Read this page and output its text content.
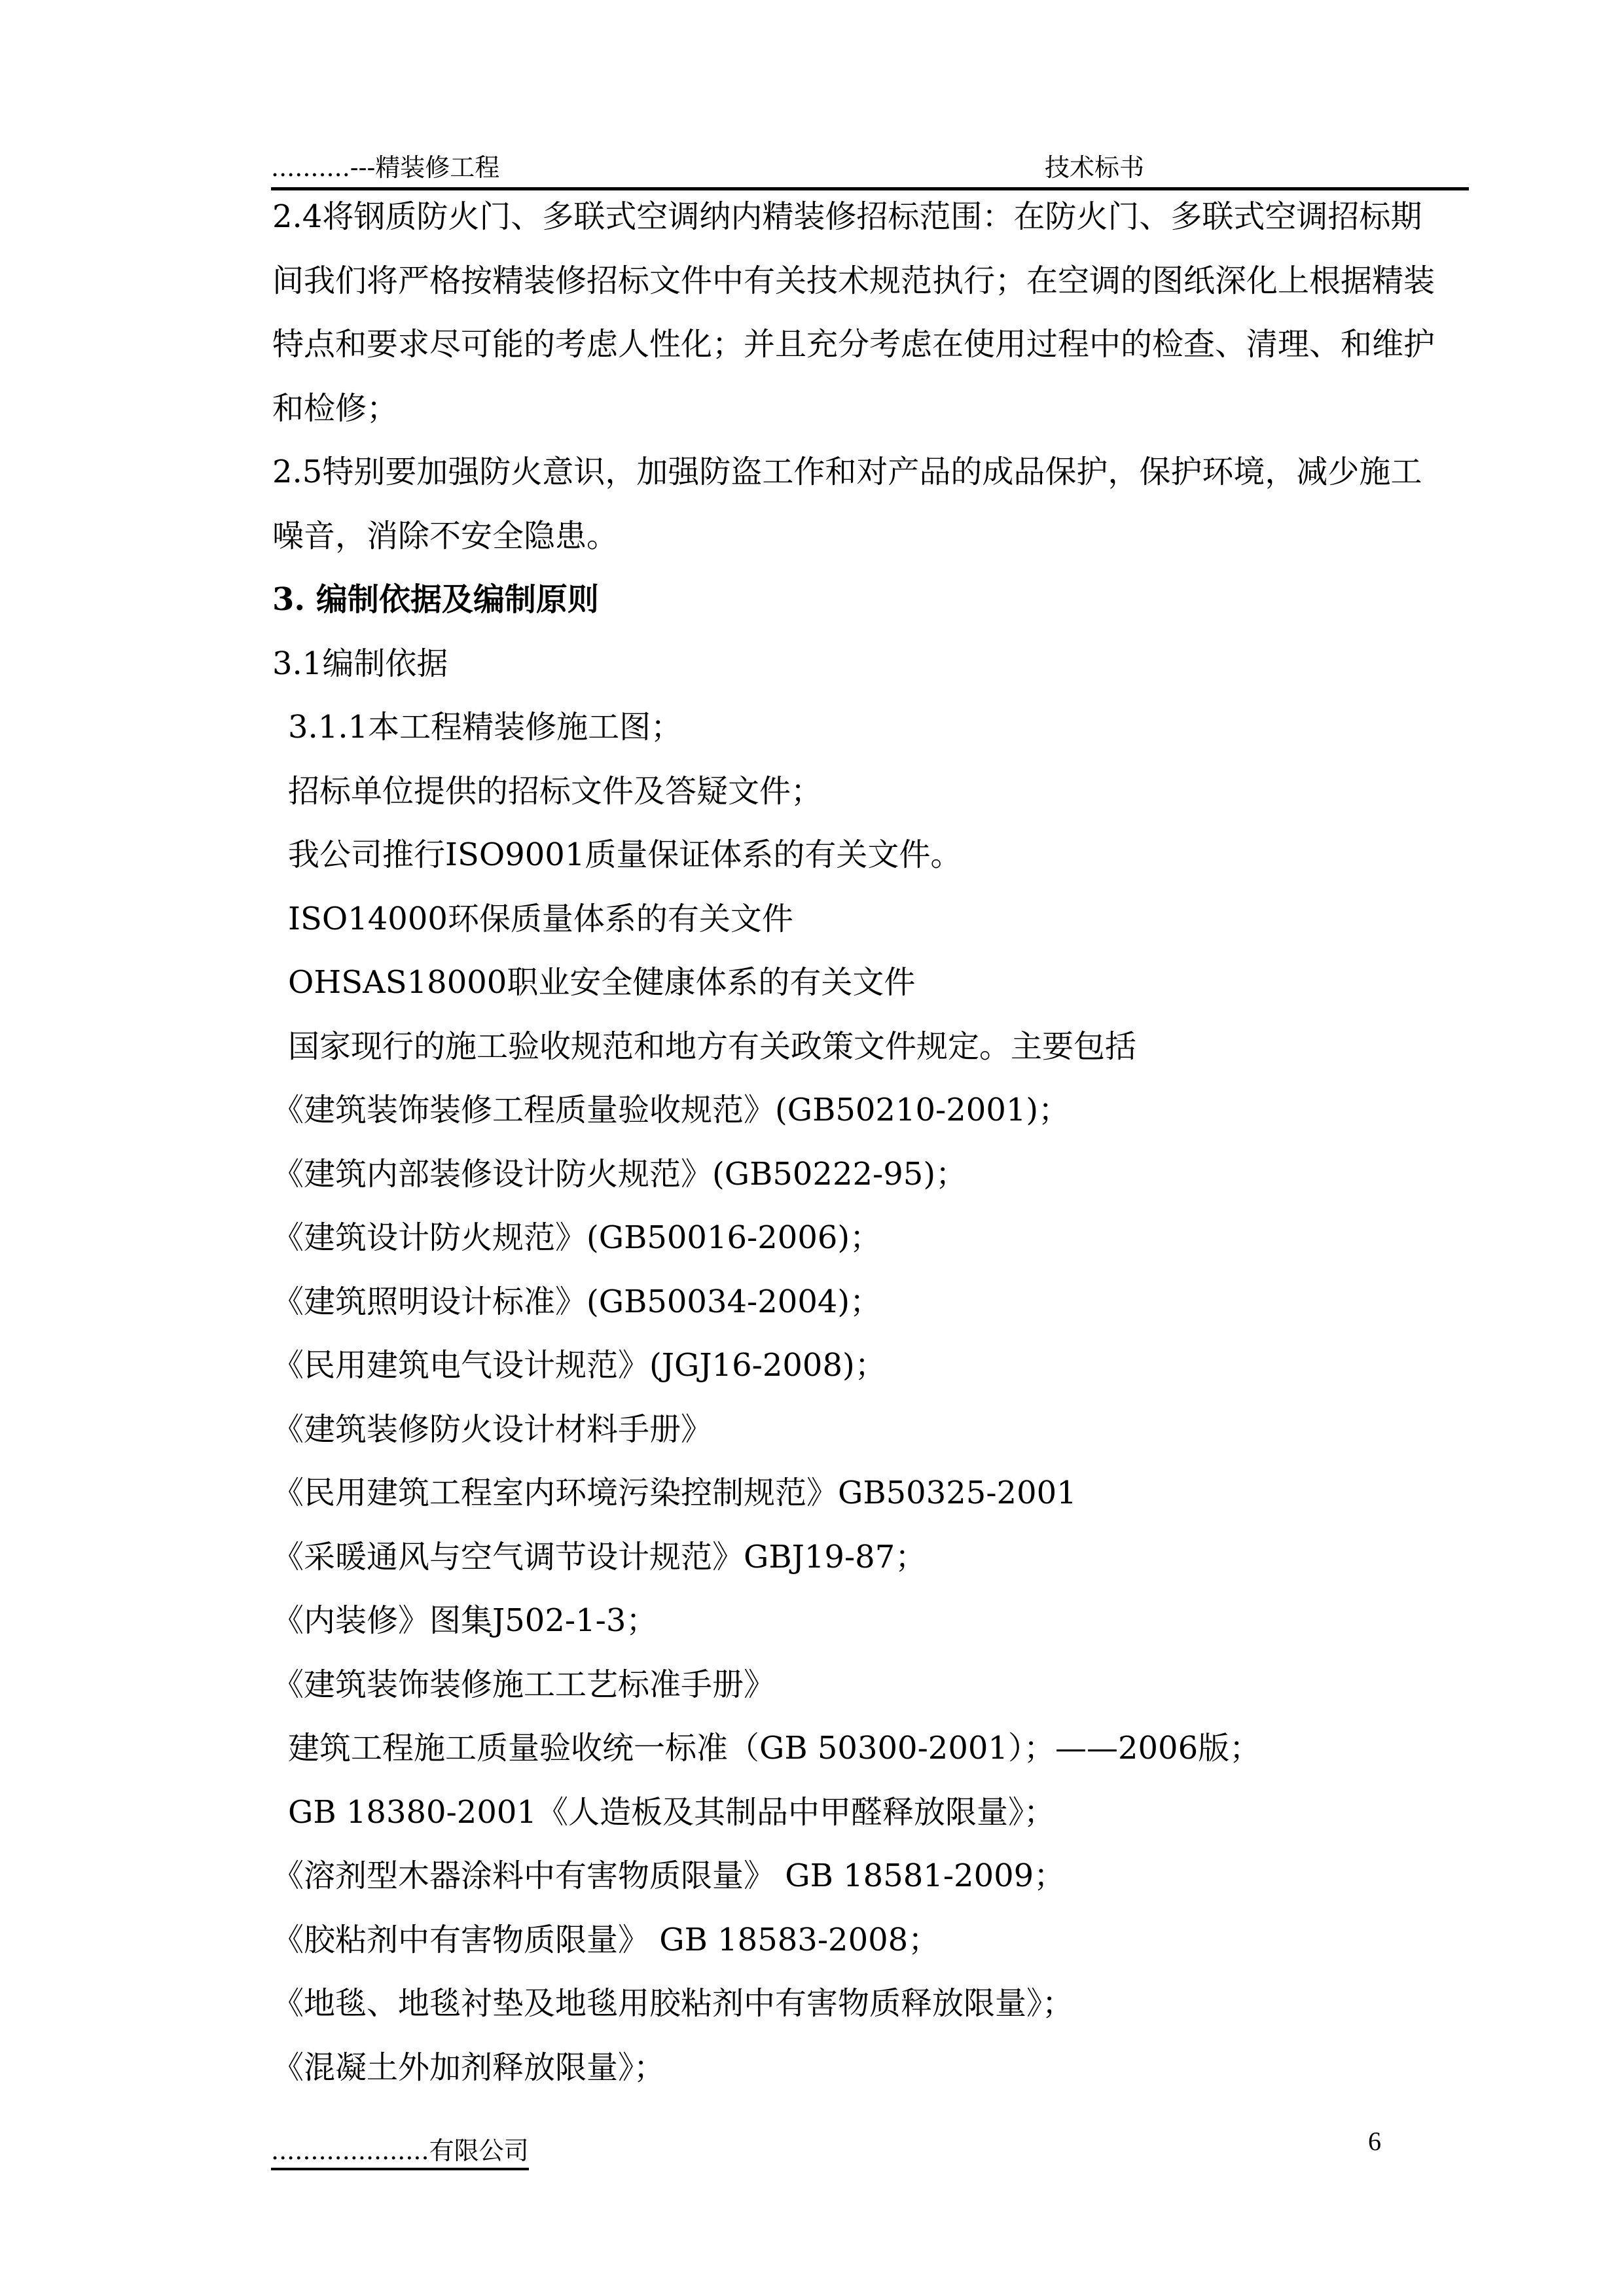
..........---精装修工程	技术标书
2.4将钢质防火门、多联式空调纳内精装修招标范围：在防火门、多联式空调招标期
间我们将严格按精装修招标文件中有关技术规范执行；在空调的图纸深化上根据精装
特点和要求尽可能的考虑人性化；并且充分考虑在使用过程中的检查、清理、和维护
和检修；
2.5特别要加强防火意识，加强防盗工作和对产品的成品保护，保护环境，减少施工
噪音，消除不安全隐患。
3. 编制依据及编制原则
3.1编制依据
3.1.1本工程精装修施工图；
招标单位提供的招标文件及答疑文件；
我公司推行ISO9001质量保证体系的有关文件。
ISO14000环保质量体系的有关文件
OHSAS18000职业安全健康体系的有关文件
国家现行的施工验收规范和地方有关政策文件规定。主要包括
《建筑装饰装修工程质量验收规范》(GB50210-2001)；
《建筑内部装修设计防火规范》(GB50222-95)；
《建筑设计防火规范》(GB50016-2006)；
《建筑照明设计标准》(GB50034-2004)；
《民用建筑电气设计规范》(JGJ16-2008)；
《建筑装修防火设计材料手册》
《民用建筑工程室内环境污染控制规范》GB50325-2001
《采暖通风与空气调节设计规范》GBJ19-87；
《内装修》图集J502-1-3；
《建筑装饰装修施工工艺标准手册》
建筑工程施工质量验收统一标准（GB 50300-2001）；——2006版；
GB 18380-2001《人造板及其制品中甲醛释放限量》；
《溶剂型木器涂料中有害物质限量》 GB 18581-2009；
《胶粘剂中有害物质限量》 GB 18583-2008；
《地毯、地毯衬垫及地毯用胶粘剂中有害物质释放限量》；
《混凝土外加剂释放限量》；
....................有限公司	6
